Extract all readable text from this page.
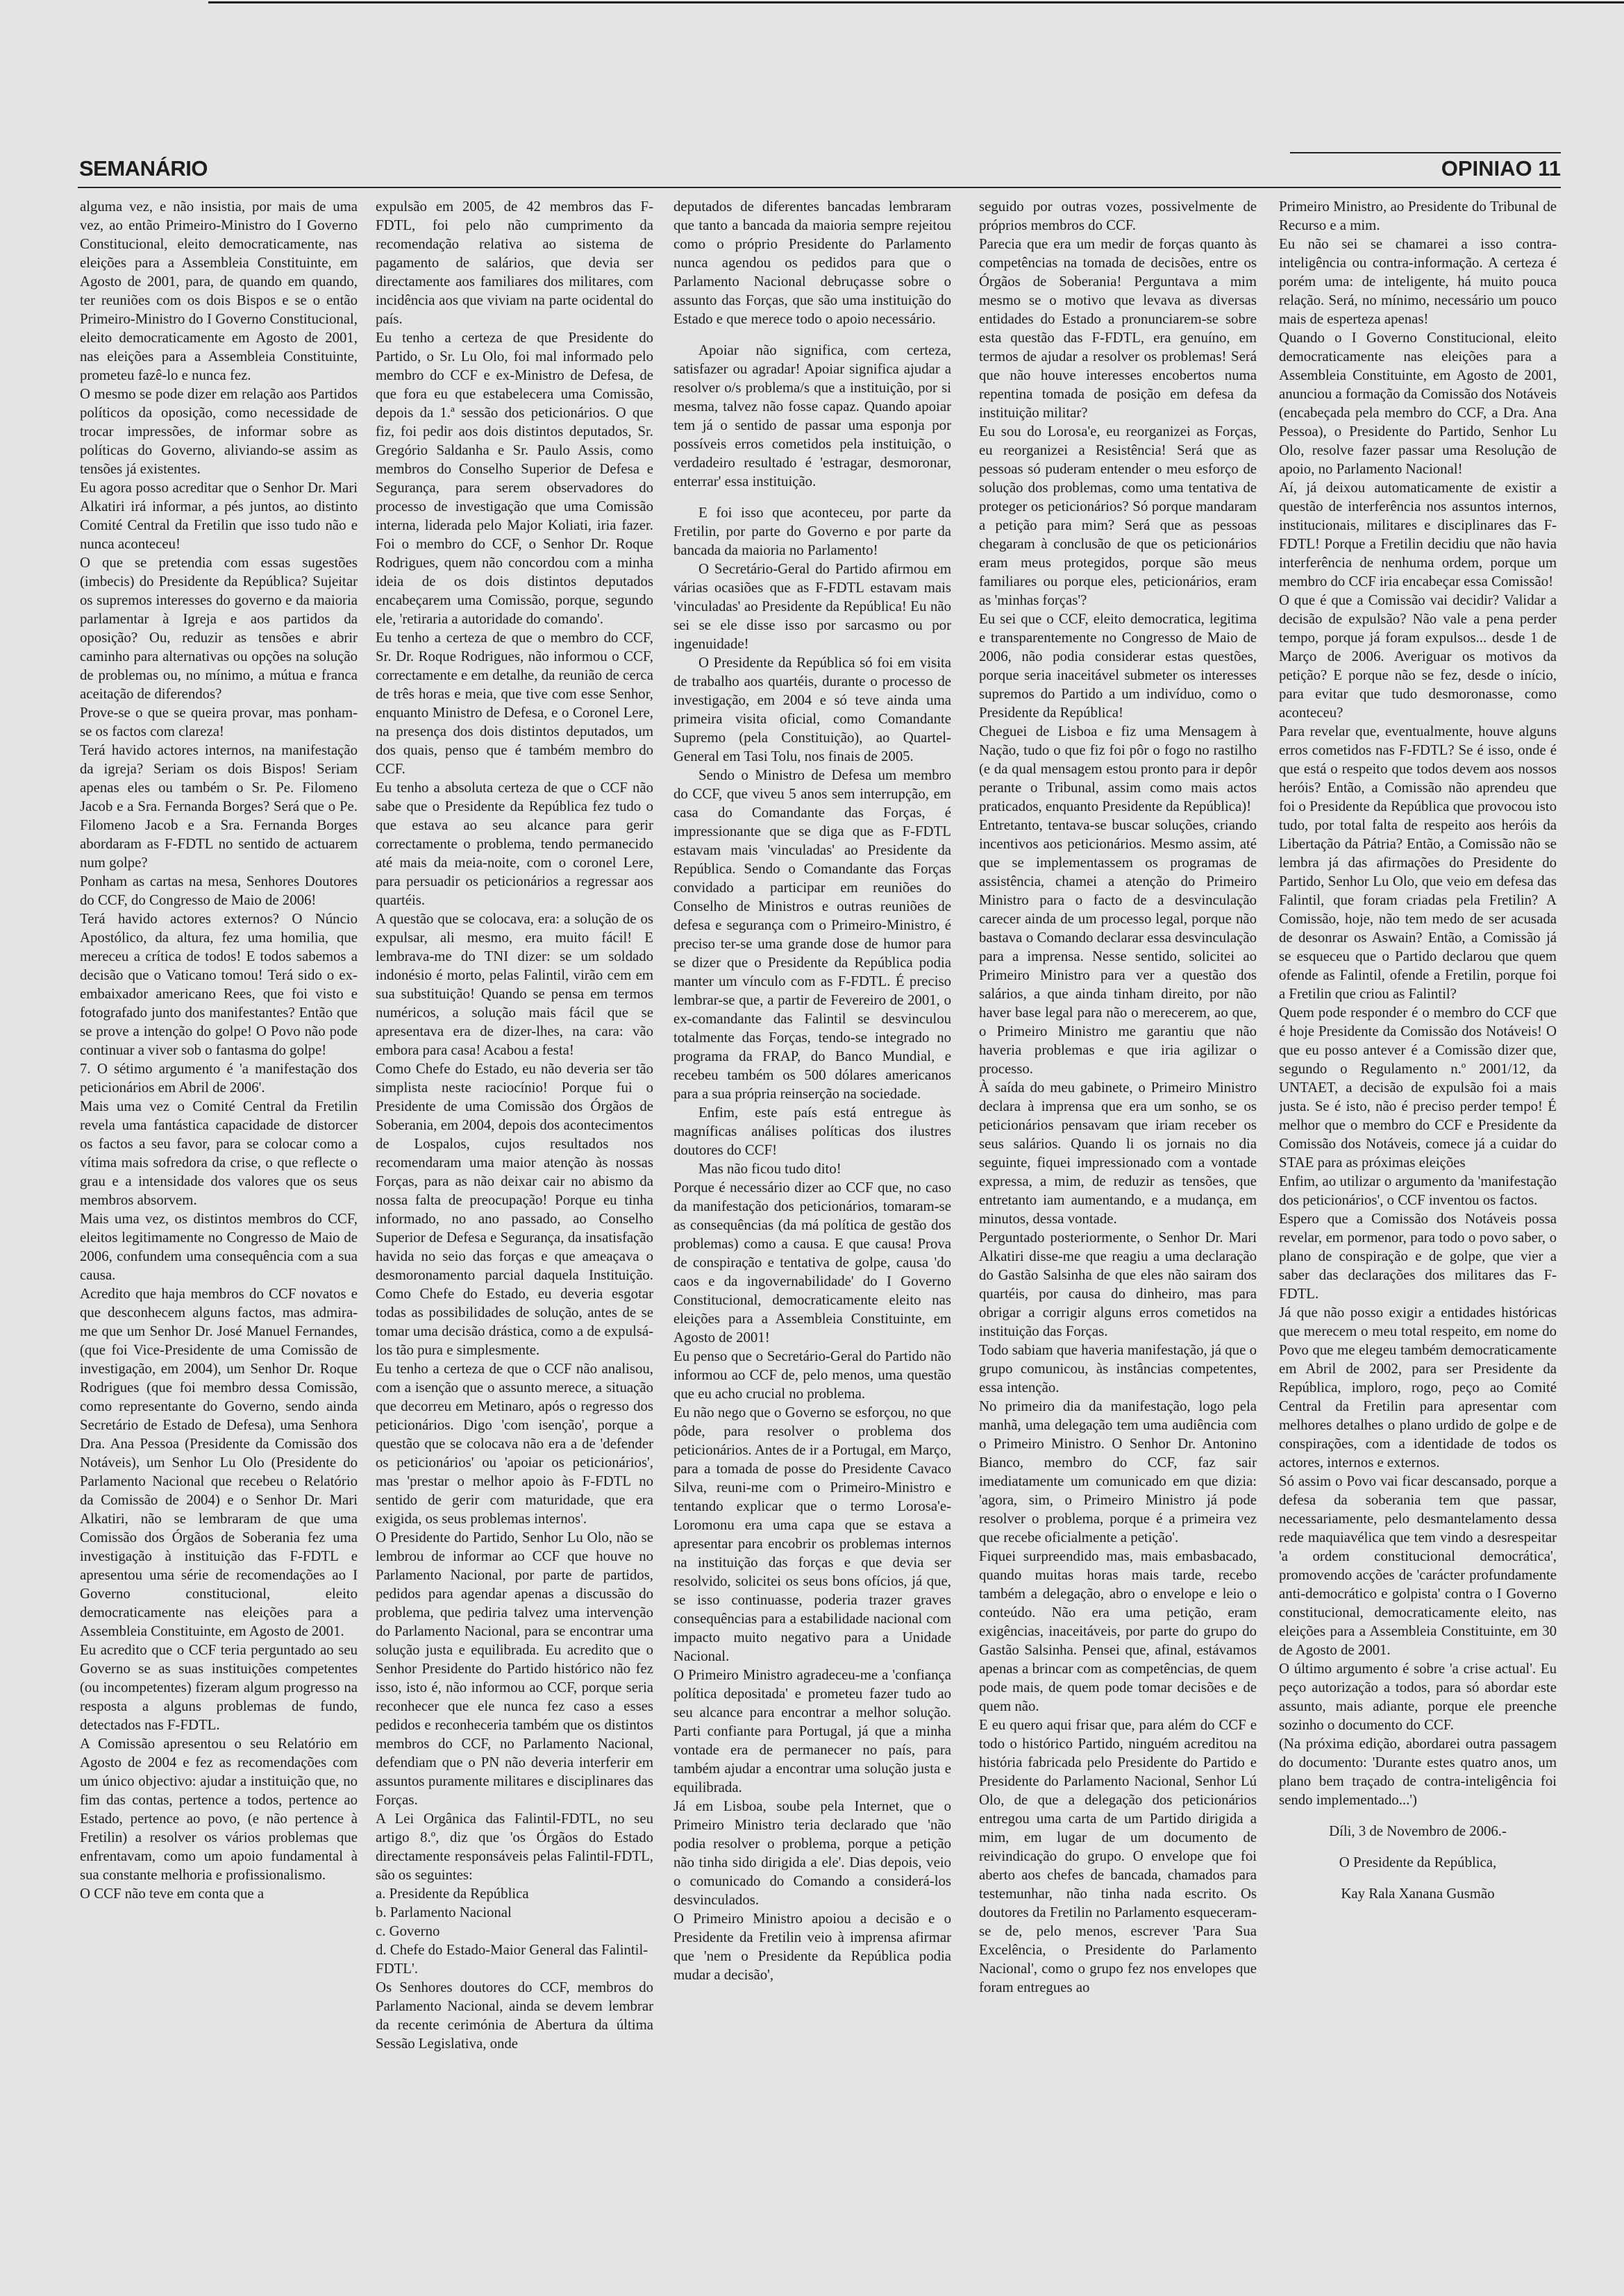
SEMANÁRIO	OPINIAO 11

alguma vez, e não insistia, por mais de uma vez, ao então Primeiro-Ministro do I Governo Constitucional, eleito democraticamente, nas eleições para a Assembleia Constituinte, em Agosto de 2001, para, de quando em quando, ter reuniões com os dois Bispos e se o então Primeiro-Ministro do I Governo Constitucional, eleito democraticamente em Agosto de 2001, nas eleições para a Assembleia Constituinte, prometeu fazê-lo e nunca fez.

O mesmo se pode dizer em relação aos Partidos políticos da oposição, como necessidade de trocar impressões, de informar sobre as políticas do Governo, aliviando-se assim as tensões já existentes.

Eu agora posso acreditar que o Senhor Dr. Mari Alkatiri irá informar, a pés juntos, ao distinto Comité Central da Fretilin que isso tudo não e nunca aconteceu!

O que se pretendia com essas sugestões (imbecis) do Presidente da República? Sujeitar os supremos interesses do governo e da maioria parlamentar à Igreja e aos partidos da oposição? Ou, reduzir as tensões e abrir caminho para alternativas ou opções na solução de problemas ou, no mínimo, a mútua e franca aceitação de diferendos?

Prove-se o que se queira provar, mas ponham-se os factos com clareza!

Terá havido actores internos, na manifestação da igreja? Seriam os dois Bispos! Seriam apenas eles ou também o Sr. Pe. Filomeno Jacob e a Sra. Fernanda Borges? Será que o Pe. Filomeno Jacob e a Sra. Fernanda Borges abordaram as F-FDTL no sentido de actuarem num golpe?

Ponham as cartas na mesa, Senhores Doutores do CCF, do Congresso de Maio de 2006!

Terá havido actores externos? O Núncio Apostólico, da altura, fez uma homilia, que mereceu a crítica de todos! E todos sabemos a decisão que o Vaticano tomou! Terá sido o ex-embaixador americano Rees, que foi visto e fotografado junto dos manifestantes? Então que se prove a intenção do golpe! O Povo não pode continuar a viver sob o fantasma do golpe!

7. O sétimo argumento é 'a manifestação dos peticionários em Abril de 2006'.

Mais uma vez o Comité Central da Fretilin revela uma fantástica capacidade de distorcer os factos a seu favor, para se colocar como a vítima mais sofredora da crise, o que reflecte o grau e a intensidade dos valores que os seus membros absorvem.

Mais uma vez, os distintos membros do CCF, eleitos legitimamente no Congresso de Maio de 2006, confundem uma consequência com a sua causa.

Acredito que haja membros do CCF novatos e que desconhecem alguns factos, mas admira-me que um Senhor Dr. José Manuel Fernandes, (que foi Vice-Presidente de uma Comissão de investigação, em 2004), um Senhor Dr. Roque Rodrigues (que foi membro dessa Comissão, como representante do Governo, sendo ainda Secretário de Estado de Defesa), uma Senhora Dra. Ana Pessoa (Presidente da Comissão dos Notáveis), um Senhor Lu Olo (Presidente do Parlamento Nacional que recebeu o Relatório da Comissão de 2004) e o Senhor Dr. Mari Alkatiri, não se lembraram de que uma Comissão dos Órgãos de Soberania fez uma investigação à instituição das F-FDTL e apresentou uma série de recomendações ao I Governo constitucional, eleito democraticamente nas eleições para a Assembleia Constituinte, em Agosto de 2001.

Eu acredito que o CCF teria perguntado ao seu Governo se as suas instituições competentes (ou incompetentes) fizeram algum progresso na resposta a alguns problemas de fundo, detectados nas F-FDTL.

A Comissão apresentou o seu Relatório em Agosto de 2004 e fez as recomendações com um único objectivo: ajudar a instituição que, no fim das contas, pertence a todos, pertence ao Estado, pertence ao povo, (e não pertence à Fretilin) a resolver os vários problemas que enfrentavam, como um apoio fundamental à sua constante melhoria e profissionalismo.

O CCF não teve em conta que a

expulsão em 2005, de 42 membros das F-FDTL, foi pelo não cumprimento da recomendação relativa ao sistema de pagamento de salários, que devia ser directamente aos familiares dos militares, com incidência aos que viviam na parte ocidental do país.

Eu tenho a certeza de que Presidente do Partido, o Sr. Lu Olo, foi mal informado pelo membro do CCF e ex-Ministro de Defesa, de que fora eu que estabelecera uma Comissão, depois da 1.ª sessão dos peticionários. O que fiz, foi pedir aos dois distintos deputados, Sr. Gregório Saldanha e Sr. Paulo Assis, como membros do Conselho Superior de Defesa e Segurança, para serem observadores do processo de investigação que uma Comissão interna, liderada pelo Major Koliati, iria fazer. Foi o membro do CCF, o Senhor Dr. Roque Rodrigues, quem não concordou com a minha ideia de os dois distintos deputados encabeçarem uma Comissão, porque, segundo ele, 'retiraria a autoridade do comando'.

Eu tenho a certeza de que o membro do CCF, Sr. Dr. Roque Rodrigues, não informou o CCF, correctamente e em detalhe, da reunião de cerca de três horas e meia, que tive com esse Senhor, enquanto Ministro de Defesa, e o Coronel Lere, na presença dos dois distintos deputados, um dos quais, penso que é também membro do CCF.

Eu tenho a absoluta certeza de que o CCF não sabe que o Presidente da República fez tudo o que estava ao seu alcance para gerir correctamente o problema, tendo permanecido até mais da meia-noite, com o coronel Lere, para persuadir os peticionários a regressar aos quartéis.

A questão que se colocava, era: a solução de os expulsar, ali mesmo, era muito fácil! E lembrava-me do TNI dizer: se um soldado indonésio é morto, pelas Falintil, virão cem em sua substituição! Quando se pensa em termos numéricos, a solução mais fácil que se apresentava era de dizer-lhes, na cara: vão embora para casa! Acabou a festa!

Como Chefe do Estado, eu não deveria ser tão simplista neste raciocínio! Porque fui o Presidente de uma Comissão dos Órgãos de Soberania, em 2004, depois dos acontecimentos de Lospalos, cujos resultados nos recomendaram uma maior atenção às nossas Forças, para as não deixar cair no abismo da nossa falta de preocupação! Porque eu tinha informado, no ano passado, ao Conselho Superior de Defesa e Segurança, da insatisfação havida no seio das forças e que ameaçava o desmoronamento parcial daquela Instituição. Como Chefe do Estado, eu deveria esgotar todas as possibilidades de solução, antes de se tomar uma decisão drástica, como a de expulsá-los tão pura e simplesmente.

Eu tenho a certeza de que o CCF não analisou, com a isenção que o assunto merece, a situação que decorreu em Metinaro, após o regresso dos peticionários. Digo 'com isenção', porque a questão que se colocava não era a de 'defender os peticionários' ou 'apoiar os peticionários', mas 'prestar o melhor apoio às F-FDTL no sentido de gerir com maturidade, que era exigida, os seus problemas internos'.

O Presidente do Partido, Senhor Lu Olo, não se lembrou de informar ao CCF que houve no Parlamento Nacional, por parte de partidos, pedidos para agendar apenas a discussão do problema, que pediria talvez uma intervenção do Parlamento Nacional, para se encontrar uma solução justa e equilibrada. Eu acredito que o Senhor Presidente do Partido histórico não fez isso, isto é, não informou ao CCF, porque seria reconhecer que ele nunca fez caso a esses pedidos e reconheceria também que os distintos membros do CCF, no Parlamento Nacional, defendiam que o PN não deveria interferir em assuntos puramente militares e disciplinares das Forças.

A Lei Orgânica das Falintil-FDTL, no seu artigo 8.º, diz que 'os Órgãos do Estado directamente responsáveis pelas Falintil-FDTL, são os seguintes:

a. Presidente da República

b. Parlamento Nacional

c. Governo

d. Chefe do Estado-Maior General das Falintil-FDTL'.

Os Senhores doutores do CCF, membros do Parlamento Nacional, ainda se devem lembrar da recente cerimónia de Abertura da última Sessão Legislativa, onde

deputados de diferentes bancadas lembraram que tanto a bancada da maioria sempre rejeitou como o próprio Presidente do Parlamento nunca agendou os pedidos para que o Parlamento Nacional debruçasse sobre o assunto das Forças, que são uma instituição do Estado e que merece todo o apoio necessário.

Apoiar não significa, com certeza, satisfazer ou agradar! Apoiar significa ajudar a resolver o/s problema/s que a instituição, por si mesma, talvez não fosse capaz. Quando apoiar tem já o sentido de passar uma esponja por possíveis erros cometidos pela instituição, o verdadeiro resultado é 'estragar, desmoronar, enterrar' essa instituição.

E foi isso que aconteceu, por parte da Fretilin, por parte do Governo e por parte da bancada da maioria no Parlamento!

O Secretário-Geral do Partido afirmou em várias ocasiões que as F-FDTL estavam mais 'vinculadas' ao Presidente da República! Eu não sei se ele disse isso por sarcasmo ou por ingenuidade!

O Presidente da República só foi em visita de trabalho aos quartéis, durante o processo de investigação, em 2004 e só teve ainda uma primeira visita oficial, como Comandante Supremo (pela Constituição), ao Quartel-General em Tasi Tolu, nos finais de 2005.

Sendo o Ministro de Defesa um membro do CCF, que viveu 5 anos sem interrupção, em casa do Comandante das Forças, é impressionante que se diga que as F-FDTL estavam mais 'vinculadas' ao Presidente da República. Sendo o Comandante das Forças convidado a participar em reuniões do Conselho de Ministros e outras reuniões de defesa e segurança com o Primeiro-Ministro, é preciso ter-se uma grande dose de humor para se dizer que o Presidente da República podia manter um vínculo com as F-FDTL. É preciso lembrar-se que, a partir de Fevereiro de 2001, o ex-comandante das Falintil se desvinculou totalmente das Forças, tendo-se integrado no programa da FRAP, do Banco Mundial, e recebeu também os 500 dólares americanos para a sua própria reinserção na sociedade.

Enfim, este país está entregue às magníficas análises políticas dos ilustres doutores do CCF!

Mas não ficou tudo dito!

Porque é necessário dizer ao CCF que, no caso da manifestação dos peticionários, tomaram-se as consequências (da má política de gestão dos problemas) como a causa. E que causa! Prova de conspiração e tentativa de golpe, causa 'do caos e da ingovernabilidade' do I Governo Constitucional, democraticamente eleito nas eleições para a Assembleia Constituinte, em Agosto de 2001!

Eu penso que o Secretário-Geral do Partido não informou ao CCF de, pelo menos, uma questão que eu acho crucial no problema.

Eu não nego que o Governo se esforçou, no que pôde, para resolver o problema dos peticionários. Antes de ir a Portugal, em Março, para a tomada de posse do Presidente Cavaco Silva, reuni-me com o Primeiro-Ministro e tentando explicar que o termo Lorosa'e-Loromonu era uma capa que se estava a apresentar para encobrir os problemas internos na instituição das forças e que devia ser resolvido, solicitei os seus bons ofícios, já que, se isso continuasse, poderia trazer graves consequências para a estabilidade nacional com impacto muito negativo para a Unidade Nacional.

O Primeiro Ministro agradeceu-me a 'confiança política depositada' e prometeu fazer tudo ao seu alcance para encontrar a melhor solução. Parti confiante para Portugal, já que a minha vontade era de permanecer no país, para também ajudar a encontrar uma solução justa e equilibrada.

Já em Lisboa, soube pela Internet, que o Primeiro Ministro teria declarado que 'não podia resolver o problema, porque a petição não tinha sido dirigida a ele'. Dias depois, veio o comunicado do Comando a considerá-los desvinculados.

O Primeiro Ministro apoiou a decisão e o Presidente da Fretilin veio à imprensa afirmar que 'nem o Presidente da República podia mudar a decisão',

seguido por outras vozes, possivelmente de próprios membros do CCF.

Parecia que era um medir de forças quanto às competências na tomada de decisões, entre os Órgãos de Soberania! Perguntava a mim mesmo se o motivo que levava as diversas entidades do Estado a pronunciarem-se sobre esta questão das F-FDTL, era genuíno, em termos de ajudar a resolver os problemas! Será que não houve interesses encobertos numa repentina tomada de posição em defesa da instituição militar?

Eu sou do Lorosa'e, eu reorganizei as Forças, eu reorganizei a Resistência! Será que as pessoas só puderam entender o meu esforço de solução dos problemas, como uma tentativa de proteger os peticionários? Só porque mandaram a petição para mim? Será que as pessoas chegaram à conclusão de que os peticionários eram meus protegidos, porque são meus familiares ou porque eles, peticionários, eram as 'minhas forças'?

Eu sei que o CCF, eleito democratica, legitima e transparentemente no Congresso de Maio de 2006, não podia considerar estas questões, porque seria inaceitável submeter os interesses supremos do Partido a um indivíduo, como o Presidente da República!

Cheguei de Lisboa e fiz uma Mensagem à Nação, tudo o que fiz foi pôr o fogo no rastilho (e da qual mensagem estou pronto para ir depôr perante o Tribunal, assim como mais actos praticados, enquanto Presidente da República)!

Entretanto, tentava-se buscar soluções, criando incentivos aos peticionários. Mesmo assim, até que se implementassem os programas de assistência, chamei a atenção do Primeiro Ministro para o facto de a desvinculação carecer ainda de um processo legal, porque não bastava o Comando declarar essa desvinculação para a imprensa. Nesse sentido, solicitei ao Primeiro Ministro para ver a questão dos salários, a que ainda tinham direito, por não haver base legal para não o merecerem, ao que, o Primeiro Ministro me garantiu que não haveria problemas e que iria agilizar o processo.

À saída do meu gabinete, o Primeiro Ministro declara à imprensa que era um sonho, se os peticionários pensavam que iriam receber os seus salários. Quando li os jornais no dia seguinte, fiquei impressionado com a vontade expressa, a mim, de reduzir as tensões, que entretanto iam aumentando, e a mudança, em minutos, dessa vontade.

Perguntado posteriormente, o Senhor Dr. Mari Alkatiri disse-me que reagiu a uma declaração do Gastão Salsinha de que eles não sairam dos quartéis, por causa do dinheiro, mas para obrigar a corrigir alguns erros cometidos na instituição das Forças.

Todo sabiam que haveria manifestação, já que o grupo comunicou, às instâncias competentes, essa intenção.

No primeiro dia da manifestação, logo pela manhã, uma delegação tem uma audiência com o Primeiro Ministro. O Senhor Dr. Antonino Bianco, membro do CCF, faz sair imediatamente um comunicado em que dizia: 'agora, sim, o Primeiro Ministro já pode resolver o problema, porque é a primeira vez que recebe oficialmente a petição'.

Fiquei surpreendido mas, mais embasbacado, quando muitas horas mais tarde, recebo também a delegação, abro o envelope e leio o conteúdo. Não era uma petição, eram exigências, inaceitáveis, por parte do grupo do Gastão Salsinha. Pensei que, afinal, estávamos apenas a brincar com as competências, de quem pode mais, de quem pode tomar decisões e de quem não.

E eu quero aqui frisar que, para além do CCF e todo o histórico Partido, ninguém acreditou na história fabricada pelo Presidente do Partido e Presidente do Parlamento Nacional, Senhor Lú Olo, de que a delegação dos peticionários entregou uma carta de um Partido dirigida a mim, em lugar de um documento de reivindicação do grupo. O envelope que foi aberto aos chefes de bancada, chamados para testemunhar, não tinha nada escrito. Os doutores da Fretilin no Parlamento esqueceram-se de, pelo menos, escrever 'Para Sua Excelência, o Presidente do Parlamento Nacional', como o grupo fez nos envelopes que foram entregues ao

Primeiro Ministro, ao Presidente do Tribunal de Recurso e a mim.

Eu não sei se chamarei a isso contra-inteligência ou contra-informação. A certeza é porém uma: de inteligente, há muito pouca relação. Será, no mínimo, necessário um pouco mais de esperteza apenas!

Quando o I Governo Constitucional, eleito democraticamente nas eleições para a Assembleia Constituinte, em Agosto de 2001, anunciou a formação da Comissão dos Notáveis (encabeçada pela membro do CCF, a Dra. Ana Pessoa), o Presidente do Partido, Senhor Lu Olo, resolve fazer passar uma Resolução de apoio, no Parlamento Nacional!

Aí, já deixou automaticamente de existir a questão de interferência nos assuntos internos, institucionais, militares e disciplinares das F-FDTL! Porque a Fretilin decidiu que não havia interferência de nenhuma ordem, porque um membro do CCF iria encabeçar essa Comissão!

O que é que a Comissão vai decidir? Validar a decisão de expulsão? Não vale a pena perder tempo, porque já foram expulsos... desde 1 de Março de 2006. Averiguar os motivos da petição? E porque não se fez, desde o início, para evitar que tudo desmoronasse, como aconteceu?

Para revelar que, eventualmente, houve alguns erros cometidos nas F-FDTL? Se é isso, onde é que está o respeito que todos devem aos nossos heróis? Então, a Comissão não aprendeu que foi o Presidente da República que provocou isto tudo, por total falta de respeito aos heróis da Libertação da Pátria? Então, a Comissão não se lembra já das afirmações do Presidente do Partido, Senhor Lu Olo, que veio em defesa das Falintil, que foram criadas pela Fretilin? A Comissão, hoje, não tem medo de ser acusada de desonrar os Aswain? Então, a Comissão já se esqueceu que o Partido declarou que quem ofende as Falintil, ofende a Fretilin, porque foi a Fretilin que criou as Falintil?

Quem pode responder é o membro do CCF que é hoje Presidente da Comissão dos Notáveis! O que eu posso antever é a Comissão dizer que, segundo o Regulamento n.º 2001/12, da UNTAET, a decisão de expulsão foi a mais justa. Se é isto, não é preciso perder tempo! É melhor que o membro do CCF e Presidente da Comissão dos Notáveis, comece já a cuidar do STAE para as próximas eleições

Enfim, ao utilizar o argumento da 'manifestação dos peticionários', o CCF inventou os factos.

Espero que a Comissão dos Notáveis possa revelar, em pormenor, para todo o povo saber, o plano de conspiração e de golpe, que vier a saber das declarações dos militares das F-FDTL.

Já que não posso exigir a entidades históricas que merecem o meu total respeito, em nome do Povo que me elegeu também democraticamente em Abril de 2002, para ser Presidente da República, imploro, rogo, peço ao Comité Central da Fretilin para apresentar com melhores detalhes o plano urdido de golpe e de conspirações, com a identidade de todos os actores, internos e externos.

Só assim o Povo vai ficar descansado, porque a defesa da soberania tem que passar, necessariamente, pelo desmantelamento dessa rede maquiavélica que tem vindo a desrespeitar 'a ordem constitucional democrática', promovendo acções de 'carácter profundamente anti-democrático e golpista' contra o I Governo constitucional, democraticamente eleito, nas eleições para a Assembleia Constituinte, em 30 de Agosto de 2001.

O último argumento é sobre 'a crise actual'. Eu peço autorização a todos, para só abordar este assunto, mais adiante, porque ele preenche sozinho o documento do CCF.

(Na próxima edição, abordarei outra passagem do documento: 'Durante estes quatro anos, um plano bem traçado de contra-inteligência foi sendo implementado...')

Díli, 3 de Novembro de 2006.-

O Presidente da República,

Kay Rala Xanana Gusmão
